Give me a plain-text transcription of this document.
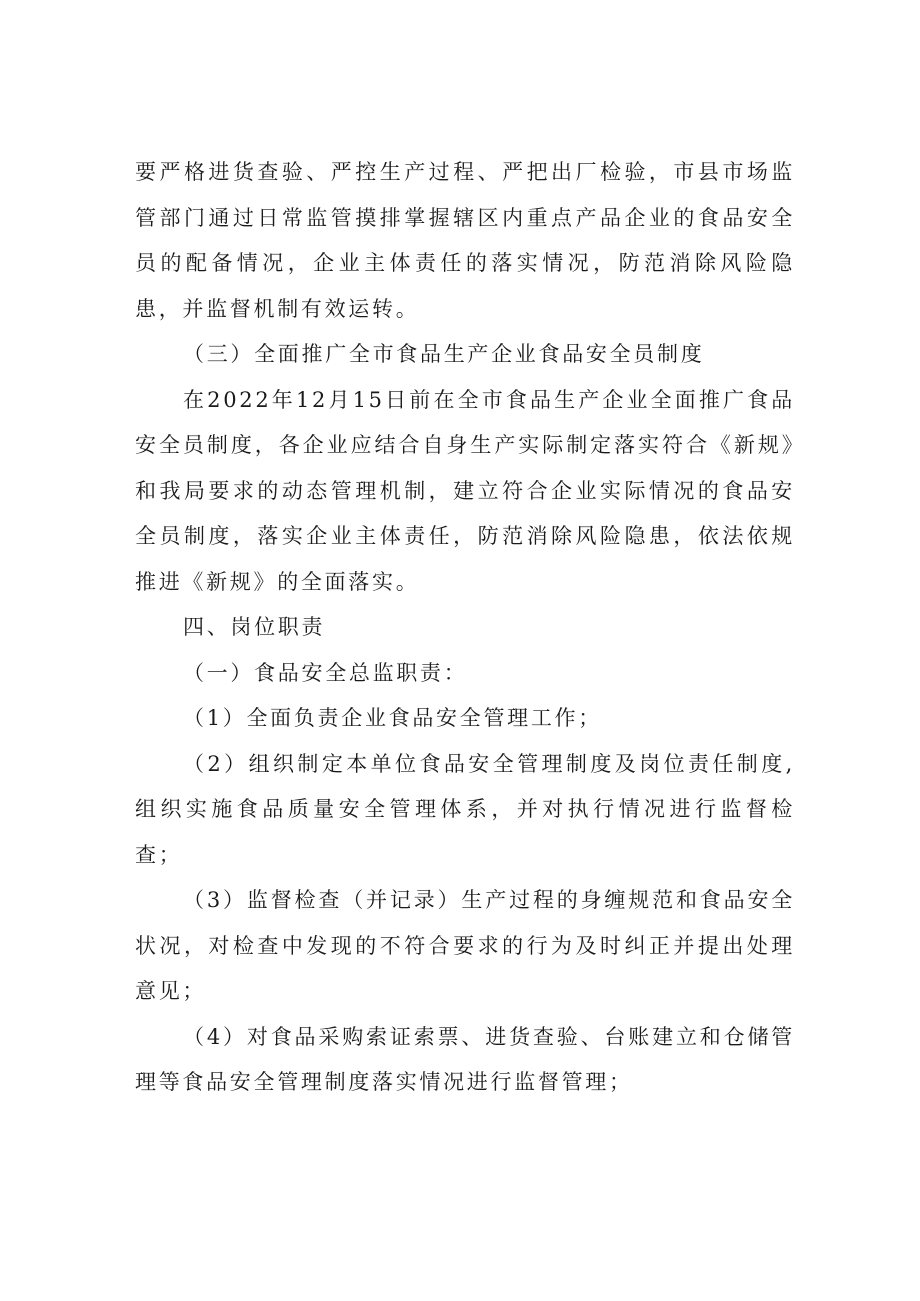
要严格进货查验、严控生产过程、严把出厂检验，市县市场监管部门通过日常监管摸排掌握辖区内重点产品企业的食品安全员的配备情况，企业主体责任的落实情况，防范消除风险隐患，并监督机制有效运转。

（三）全面推广全市食品生产企业食品安全员制度

在2022年12月15日前在全市食品生产企业全面推广食品安全员制度，各企业应结合自身生产实际制定落实符合《新规》和我局要求的动态管理机制，建立符合企业实际情况的食品安全员制度，落实企业主体责任，防范消除风险隐患，依法依规推进《新规》的全面落实。

四、岗位职责

（一）食品安全总监职责：

（1）全面负责企业食品安全管理工作；

（2）组织制定本单位食品安全管理制度及岗位责任制度,组织实施食品质量安全管理体系，并对执行情况进行监督检查；

（3）监督检查（并记录）生产过程的身缠规范和食品安全状况，对检查中发现的不符合要求的行为及时纠正并提出处理意见；

（4）对食品采购索证索票、进货查验、台账建立和仓储管理等食品安全管理制度落实情况进行监督管理；
